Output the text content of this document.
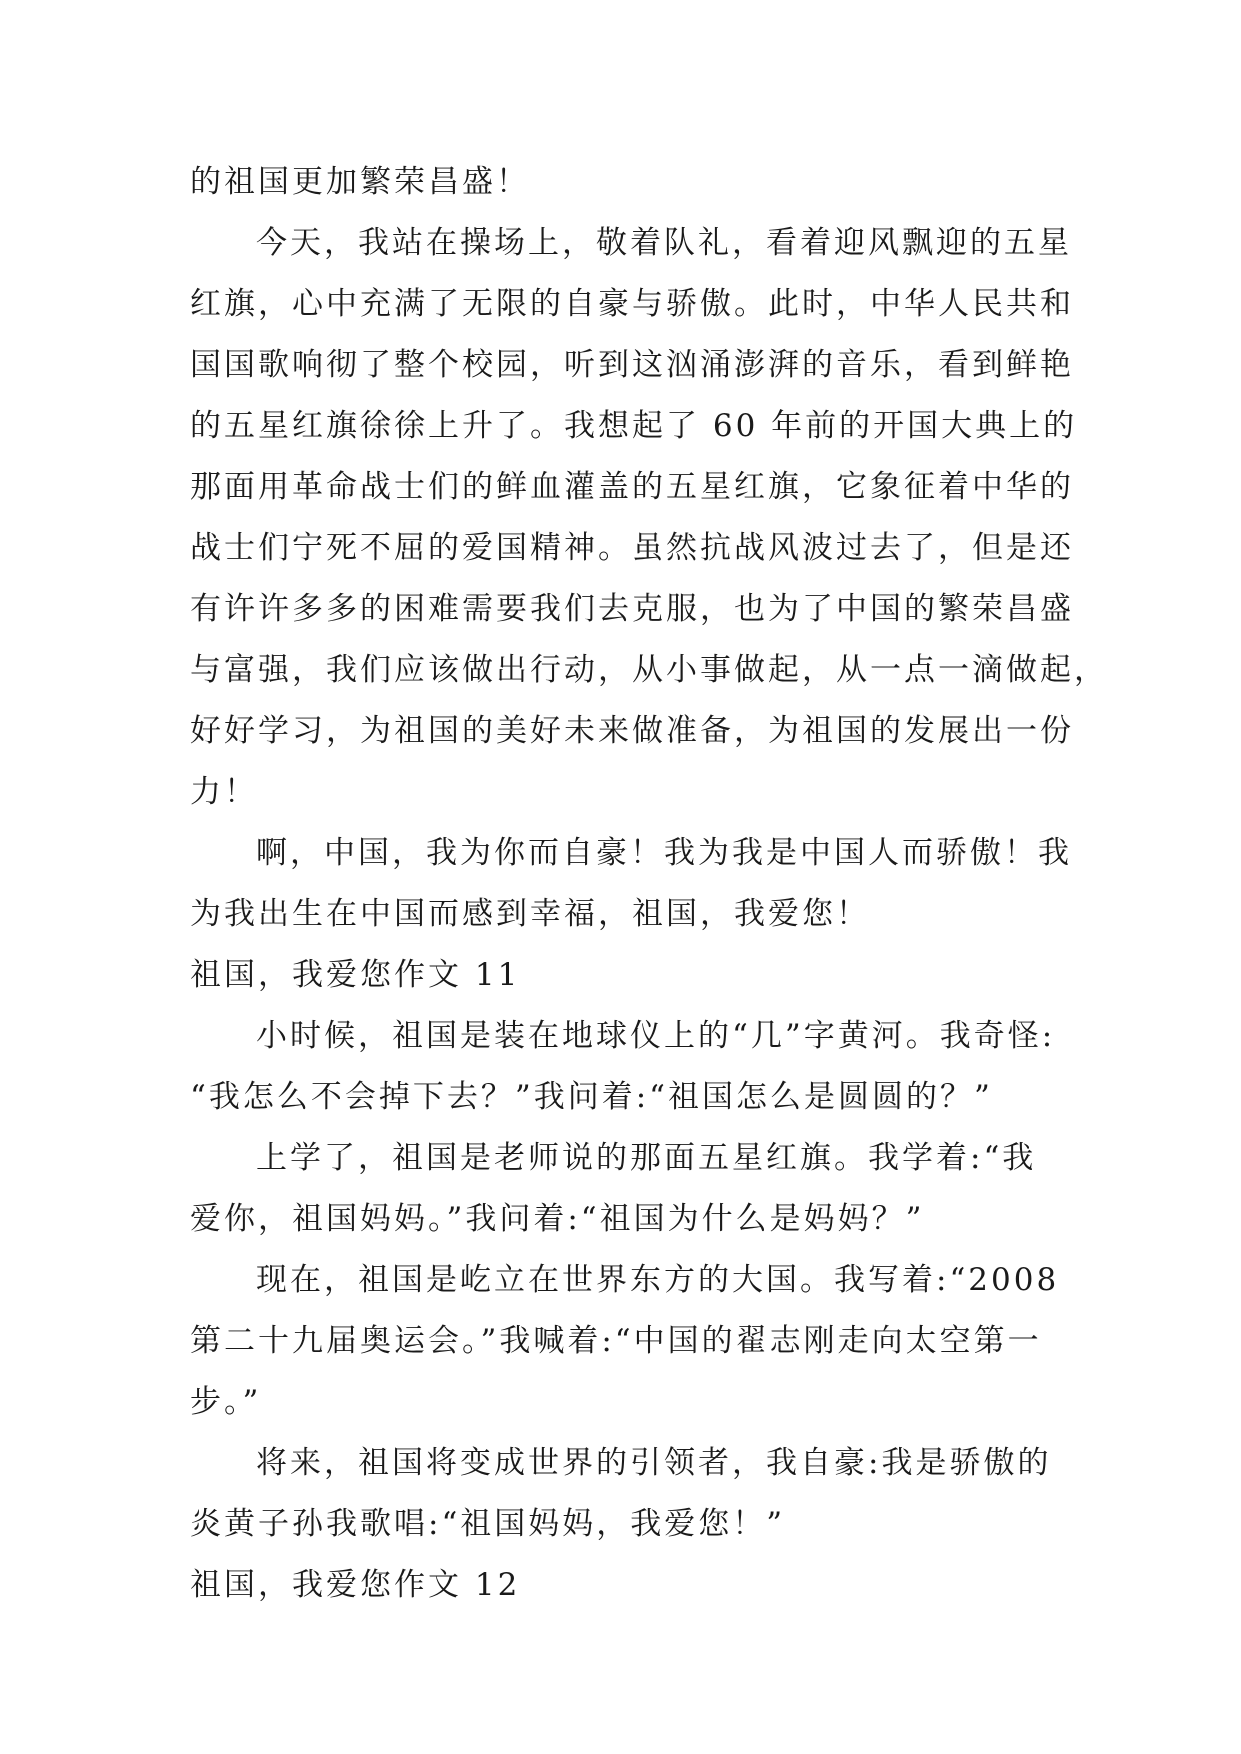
的祖国更加繁荣昌盛！
今天，我站在操场上，敬着队礼，看着迎风飘迎的五星
红旗，心中充满了无限的自豪与骄傲。此时，中华人民共和
国国歌响彻了整个校园，听到这汹涌澎湃的音乐，看到鲜艳
的五星红旗徐徐上升了。我想起了 60 年前的开国大典上的
那面用革命战士们的鲜血灌盖的五星红旗，它象征着中华的
战士们宁死不屈的爱国精神。虽然抗战风波过去了，但是还
有许许多多的困难需要我们去克服，也为了中国的繁荣昌盛
与富强，我们应该做出行动，从小事做起，从一点一滴做起，
好好学习，为祖国的美好未来做准备，为祖国的发展出一份
力！
啊，中国，我为你而自豪！我为我是中国人而骄傲！我
为我出生在中国而感到幸福，祖国，我爱您！
祖国，我爱您作文 11
小时候，祖国是装在地球仪上的“几”字黄河。我奇怪:
“我怎么不会掉下去？”我问着:“祖国怎么是圆圆的？”
上学了，祖国是老师说的那面五星红旗。我学着:“我
爱你，祖国妈妈。”我问着:“祖国为什么是妈妈？”
现在，祖国是屹立在世界东方的大国。我写着:“2008
第二十九届奥运会。”我喊着:“中国的翟志刚走向太空第一
步。”
将来，祖国将变成世界的引领者，我自豪:我是骄傲的
炎黄子孙我歌唱:“祖国妈妈，我爱您！”
祖国，我爱您作文 12
